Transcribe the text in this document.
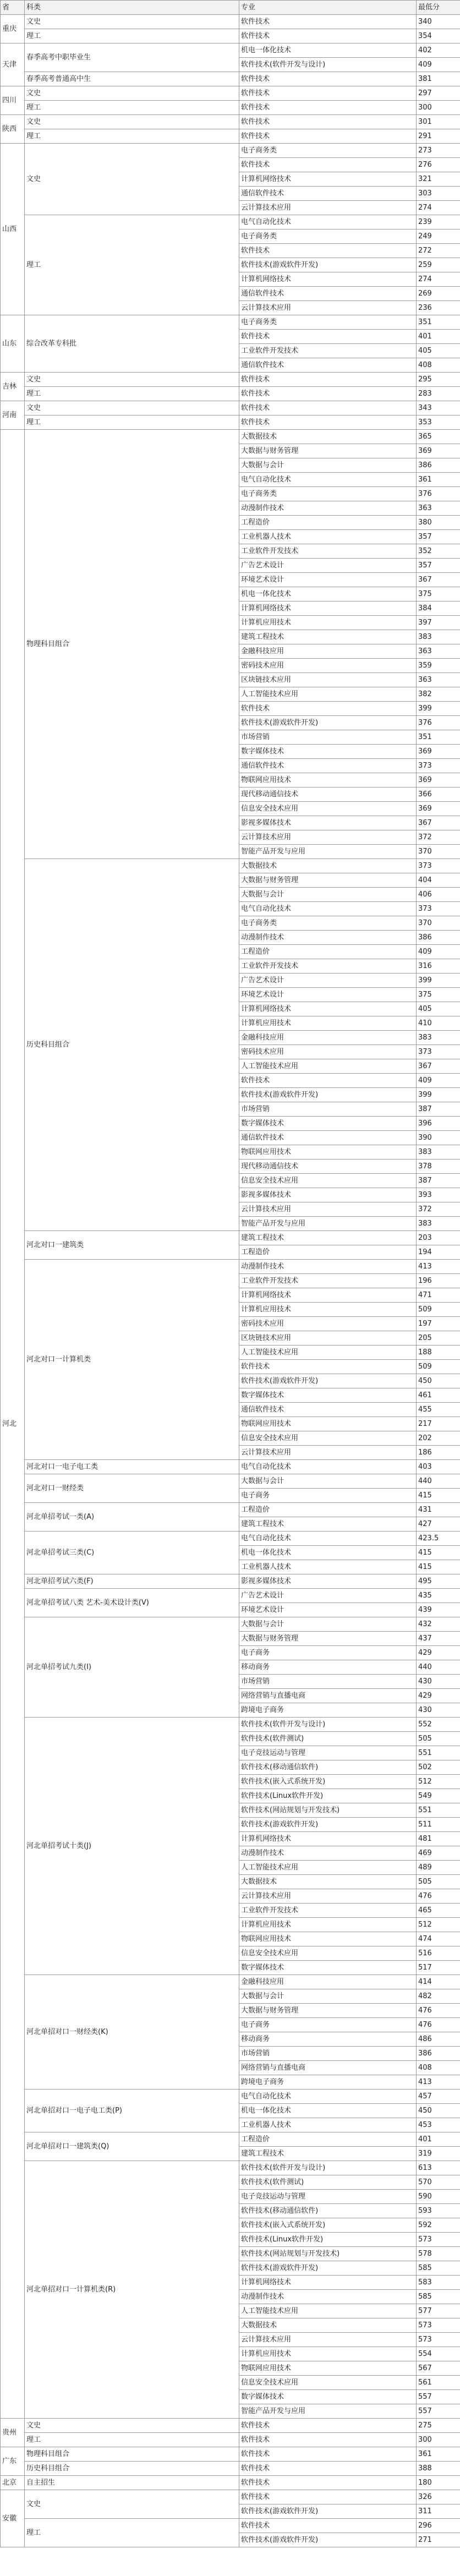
省	科类	专业	最低分
重庆	文史	软件技术	340
	理工	软件技术	354
天津	春季高考中职毕业生	机电一体化技术	402
		软件技术(软件开发与设计)	409
	春季高考普通高中生	软件技术	381
四川	文史	软件技术	297
	理工	软件技术	300
陕西	文史	软件技术	301
	理工	软件技术	291
山西	文史	电子商务类	273
		软件技术	276
		计算机网络技术	321
		通信软件技术	303
		云计算技术应用	274
	理工	电气自动化技术	239
		电子商务类	249
		软件技术	272
		软件技术(游戏软件开发)	259
		计算机网络技术	274
		通信软件技术	269
		云计算技术应用	236
山东	综合改革专科批	电子商务类	351
		软件技术	401
		工业软件开发技术	405
		通信软件技术	408
吉林	文史	软件技术	295
	理工	软件技术	283
河南	文史	软件技术	343
	理工	软件技术	353
河北	物理科目组合	大数据技术	365
		大数据与财务管理	369
		大数据与会计	386
		电气自动化技术	361
		电子商务类	376
		动漫制作技术	363
		工程造价	380
		工业机器人技术	357
		工业软件开发技术	352
		广告艺术设计	357
		环境艺术设计	367
		机电一体化技术	375
		计算机网络技术	384
		计算机应用技术	397
		建筑工程技术	383
		金融科技应用	363
		密码技术应用	359
		区块链技术应用	363
		人工智能技术应用	382
		软件技术	399
		软件技术(游戏软件开发)	376
		市场营销	351
		数字媒体技术	369
		通信软件技术	373
		物联网应用技术	369
		现代移动通信技术	366
		信息安全技术应用	369
		影视多媒体技术	367
		云计算技术应用	372
		智能产品开发与应用	370
	历史科目组合	大数据技术	373
		大数据与财务管理	404
		大数据与会计	406
		电气自动化技术	373
		电子商务类	370
		动漫制作技术	386
		工程造价	409
		工业软件开发技术	316
		广告艺术设计	399
		环境艺术设计	375
		计算机网络技术	405
		计算机应用技术	410
		金融科技应用	383
		密码技术应用	373
		人工智能技术应用	367
		软件技术	409
		软件技术(游戏软件开发)	399
		市场营销	387
		数字媒体技术	396
		通信软件技术	390
		物联网应用技术	383
		现代移动通信技术	378
		信息安全技术应用	387
		影视多媒体技术	393
		云计算技术应用	372
		智能产品开发与应用	383
	河北对口一建筑类	建筑工程技术	203
		工程造价	194
	河北对口一计算机类	动漫制作技术	413
		工业软件开发技术	196
		计算机网络技术	471
		计算机应用技术	509
		密码技术应用	197
		区块链技术应用	205
		人工智能技术应用	188
		软件技术	509
		软件技术(游戏软件开发)	450
		数字媒体技术	461
		通信软件技术	455
		物联网应用技术	217
		信息安全技术应用	202
		云计算技术应用	186
	河北对口一电子电工类	电气自动化技术	403
	河北对口一财经类	大数据与会计	440
		电子商务	415
	河北单招考试一类(A)	工程造价	431
		建筑工程技术	427
	河北单招考试三类(C)	电气自动化技术	423.5
		机电一体化技术	415
		工业机器人技术	415
	河北单招考试六类(F)	影视多媒体技术	495
	河北单招考试八类 艺术-美术设计类(V)	广告艺术设计	435
		环境艺术设计	439
	河北单招考试九类(I)	大数据与会计	432
		大数据与财务管理	437
		电子商务	429
		移动商务	440
		市场营销	430
		网络营销与直播电商	429
		跨境电子商务	430
	河北单招考试十类(J)	软件技术(软件开发与设计)	552
		软件技术(软件测试)	505
		电子竞技运动与管理	551
		软件技术(移动通信软件)	502
		软件技术(嵌入式系统开发)	512
		软件技术(Linux软件开发)	549
		软件技术(网站规划与开发技术)	551
		软件技术(游戏软件开发)	511
		计算机网络技术	481
		动漫制作技术	469
		人工智能技术应用	489
		大数据技术	505
		云计算技术应用	476
		工业软件开发技术	465
		计算机应用技术	512
		物联网应用技术	474
		信息安全技术应用	516
		数字媒体技术	517
	河北单招对口一财经类(K)	金融科技应用	414
		大数据与会计	482
		大数据与财务管理	476
		电子商务	476
		移动商务	486
		市场营销	386
		网络营销与直播电商	408
		跨境电子商务	413
	河北单招对口一电子电工类(P)	电气自动化技术	457
		机电一体化技术	450
		工业机器人技术	453
	河北单招对口一建筑类(Q)	工程造价	401
		建筑工程技术	319
	河北单招对口一计算机类(R)	软件技术(软件开发与设计)	613
		软件技术(软件测试)	570
		电子竞技运动与管理	590
		软件技术(移动通信软件)	593
		软件技术(嵌入式系统开发)	592
		软件技术(Linux软件开发)	573
		软件技术(网站规划与开发技术)	578
		软件技术(游戏软件开发)	585
		计算机网络技术	583
		动漫制作技术	585
		人工智能技术应用	577
		大数据技术	573
		云计算技术应用	573
		计算机应用技术	554
		物联网应用技术	567
		信息安全技术应用	561
		数字媒体技术	557
		智能产品开发与应用	557
贵州	文史	软件技术	275
	理工	软件技术	300
广东	物理科目组合	软件技术	361
	历史科目组合	软件技术	388
北京	自主招生	软件技术	180
安徽	文史	软件技术	326
		软件技术(游戏软件开发)	311
	理工	软件技术	296
		软件技术(游戏软件开发)	271
